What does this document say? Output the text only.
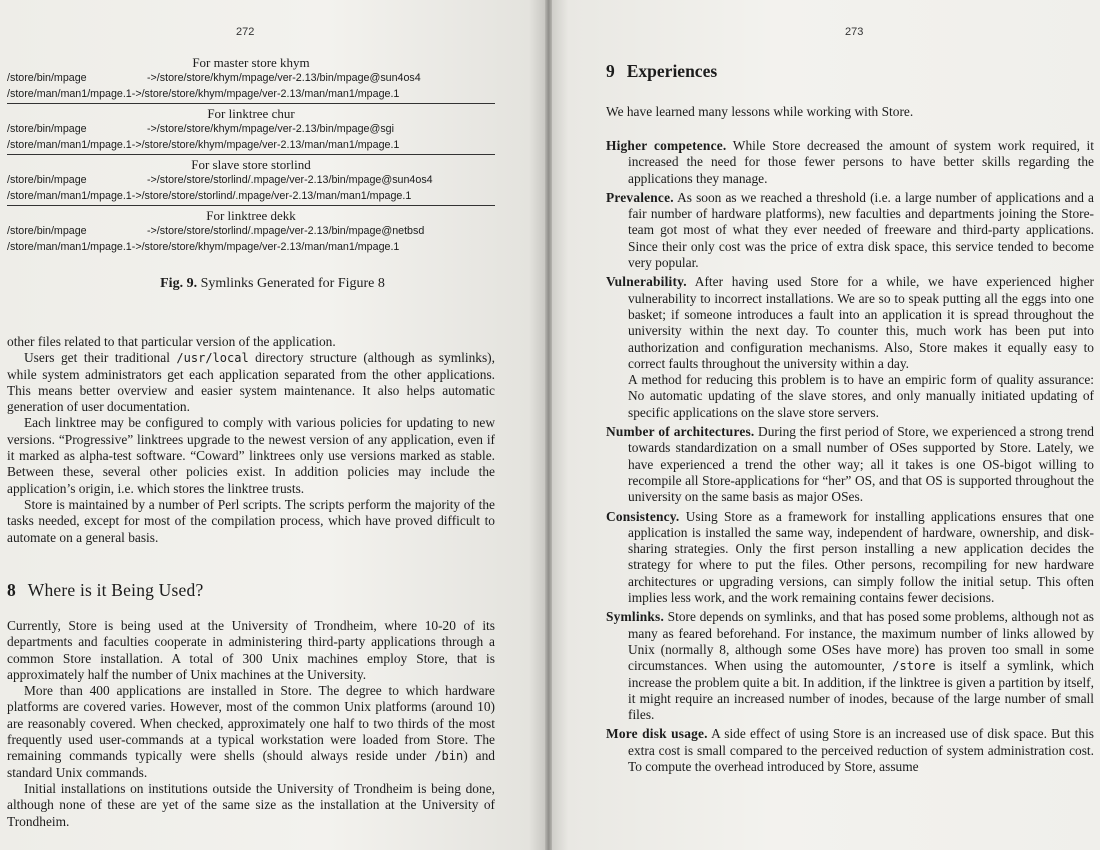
272
For master store khym
/store/bin/mpage	->/store/store/khym/mpage/ver-2.13/bin/mpage@sun4os4
/store/man/man1/mpage.1 ->/store/store/khym/mpage/ver-2.13/man/man1/mpage.1
For linktree chur
/store/bin/mpage	->/store/store/khym/mpage/ver-2.13/bin/mpage@sgi
/store/man/man1/mpage.1 ->/store/store/khym/mpage/ver-2.13/man/man1/mpage.1
For slave store storlind
/store/bin/mpage	->/store/store/storlind/.mpage/ver-2.13/bin/mpage@sun4os4
/store/man/man1/mpage.1 ->/store/store/storlind/.mpage/ver-2.13/man/man1/mpage.1
For linktree dekk
/store/bin/mpage	->/store/store/storlind/.mpage/ver-2.13/bin/mpage@netbsd
/store/man/man1/mpage.1 ->/store/store/khym/mpage/ver-2.13/man/man1/mpage.1
Fig. 9. Symlinks Generated for Figure 8

other files related to that particular version of the application.

Users get their traditional /usr/local directory structure (although as symlinks), while system administrators get each application separated from the other applications. This means better overview and easier system maintenance. It also helps automatic generation of user documentation.

Each linktree may be configured to comply with various policies for updating to new versions. “Progressive” linktrees upgrade to the newest version of any application, even if it marked as alpha-test software. “Coward” linktrees only use versions marked as stable. Between these, several other policies exist. In addition policies may include the application’s origin, i.e. which stores the linktree trusts.

Store is maintained by a number of Perl scripts. The scripts perform the majority of the tasks needed, except for most of the compilation process, which have proved difficult to automate on a general basis.

8 Where is it Being Used?

Currently, Store is being used at the University of Trondheim, where 10-20 of its departments and faculties cooperate in administering third-party applications through a common Store installation. A total of 300 Unix machines employ Store, that is approximately half the number of Unix machines at the University.

More than 400 applications are installed in Store. The degree to which hardware platforms are covered varies. However, most of the common Unix platforms (around 10) are reasonably covered. When checked, approximately one half to two thirds of the most frequently used user-commands at a typical workstation were loaded from Store. The remaining commands typically were shells (should always reside under /bin) and standard Unix commands.

Initial installations on institutions outside the University of Trondheim is being done, although none of these are yet of the same size as the installation at the University of Trondheim.

273
9 Experiences
We have learned many lessons while working with Store.
Higher competence. While Store decreased the amount of system work required, it increased the need for those fewer persons to have better skills regarding the applications they manage.
Prevalence. As soon as we reached a threshold (i.e. a large number of applications and a fair number of hardware platforms), new faculties and departments joining the Store-team got most of what they ever needed of freeware and third-party applications. Since their only cost was the price of extra disk space, this service tended to become very popular.
Vulnerability. After having used Store for a while, we have experienced higher vulnerability to incorrect installations. We are so to speak putting all the eggs into one basket; if someone introduces a fault into an application it is spread throughout the university within the next day. To counter this, much work has been put into authorization and configuration mechanisms. Also, Store makes it equally easy to correct faults throughout the university within a day.
A method for reducing this problem is to have an empiric form of quality assurance: No automatic updating of the slave stores, and only manually initiated updating of specific applications on the slave store servers.
Number of architectures. During the first period of Store, we experienced a strong trend towards standardization on a small number of OSes supported by Store. Lately, we have experienced a trend the other way; all it takes is one OS-bigot willing to recompile all Store-applications for “her” OS, and that OS is supported throughout the university on the same basis as major OSes.
Consistency. Using Store as a framework for installing applications ensures that one application is installed the same way, independent of hardware, ownership, and disk-sharing strategies. Only the first person installing a new application decides the strategy for where to put the files. Other persons, recompiling for new hardware architectures or upgrading versions, can simply follow the initial setup. This often implies less work, and the work remaining contains fewer decisions.
Symlinks. Store depends on symlinks, and that has posed some problems, although not as many as feared beforehand. For instance, the maximum number of links allowed by Unix (normally 8, although some OSes have more) has proven too small in some circumstances. When using the automounter, /store is itself a symlink, which increase the problem quite a bit. In addition, if the linktree is given a partition by itself, it might require an increased number of inodes, because of the large number of small files.
More disk usage. A side effect of using Store is an increased use of disk space. But this extra cost is small compared to the perceived reduction of system administration cost. To compute the overhead introduced by Store, assume
